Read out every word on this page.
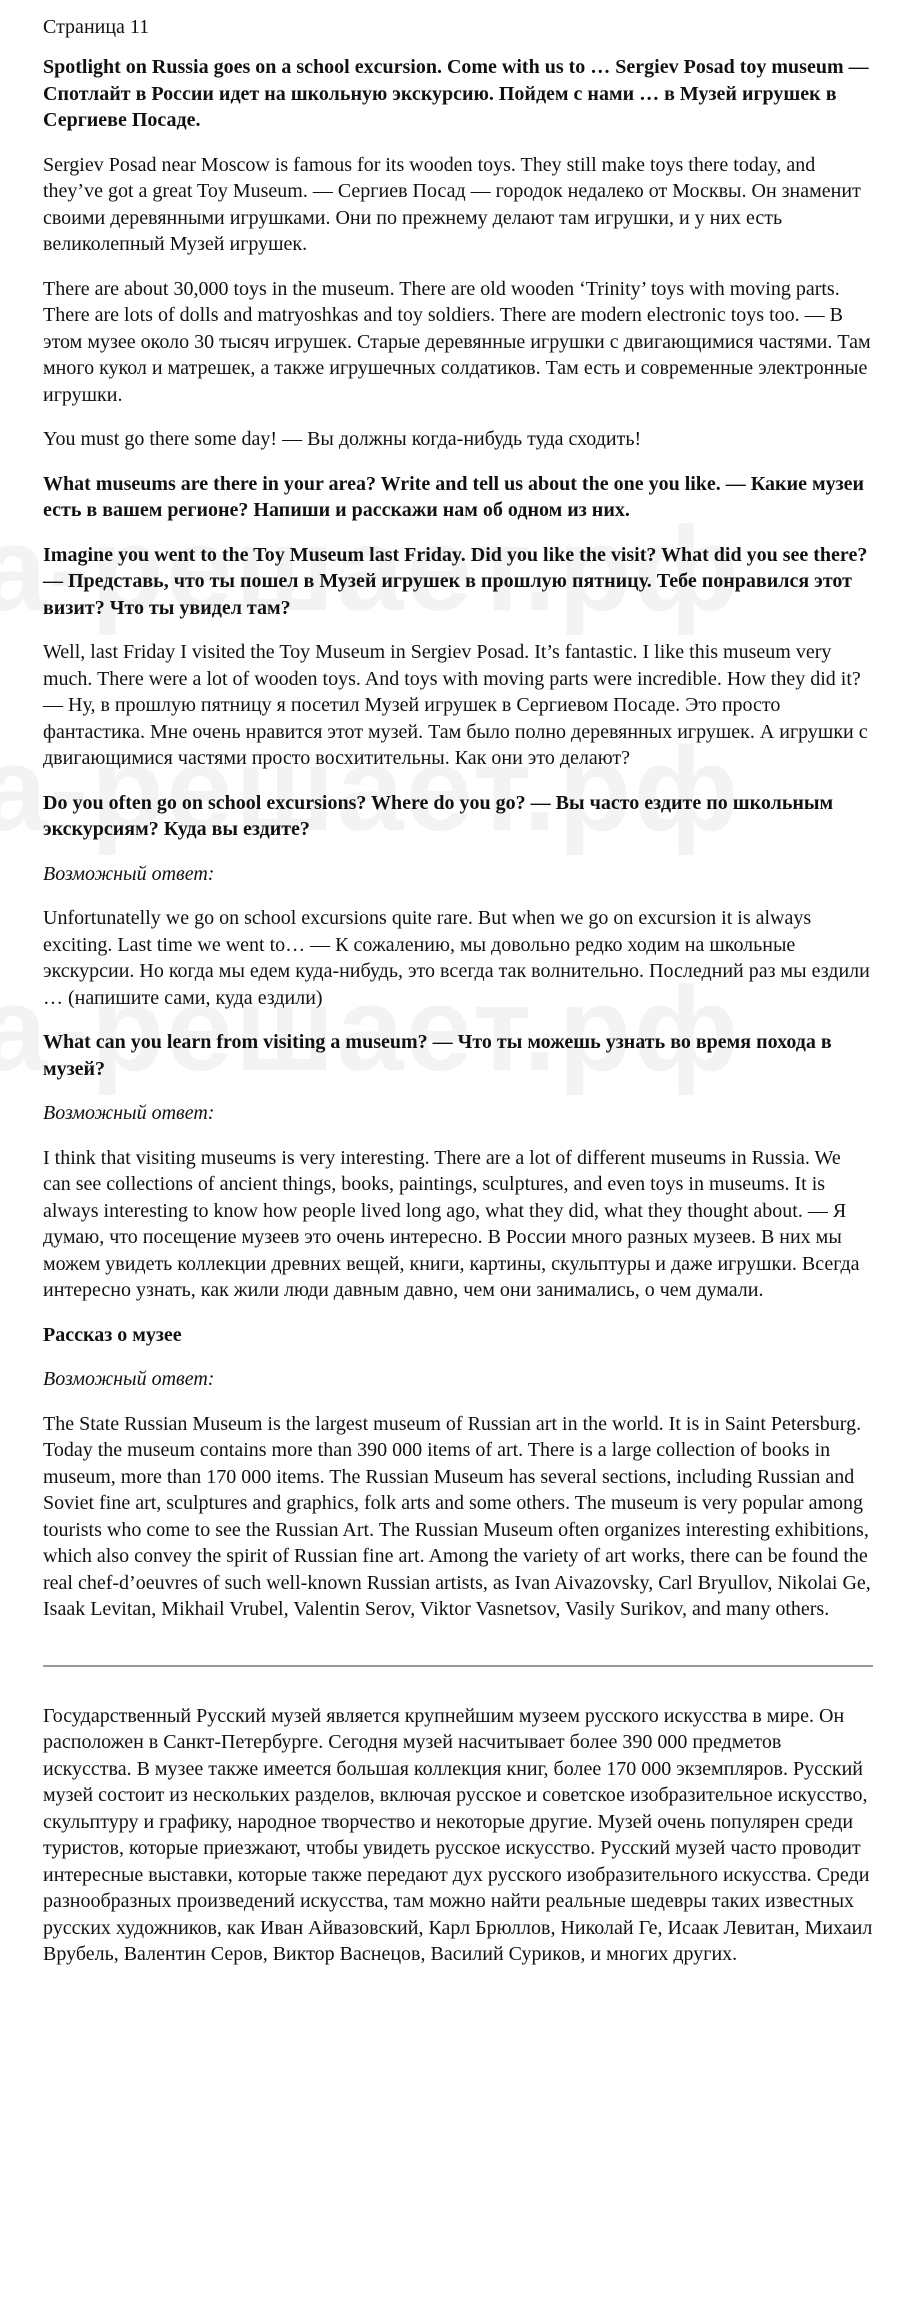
Страница 11

Spotlight on Russia goes on a school excursion. Come with us to … Sergiev Posad toy museum — Спотлайт в России идет на школьную экскурсию. Пойдем с нами … в Музей игрушек в Сергиеве Посаде.

Sergiev Posad near Moscow is famous for its wooden toys. They still make toys there today, and they’ve got a great Toy Museum. — Сергиев Посад — городок недалеко от Москвы. Он знаменит своими деревянными игрушками. Они по прежнему делают там игрушки, и у них есть великолепный Музей игрушек.

There are about 30,000 toys in the museum. There are old wooden ‘Trinity’ toys with moving parts. There are lots of dolls and matryoshkas and toy soldiers. There are modern electronic toys too. — В этом музее около 30 тысяч игрушек. Старые деревянные игрушки с двигающимися частями. Там много кукол и матрешек, а также игрушечных солдатиков. Там есть и современные электронные игрушки.

You must go there some day! — Вы должны когда-нибудь туда сходить!

What museums are there in your area? Write and tell us about the one you like. — Какие музеи есть в вашем регионе? Напиши и расскажи нам об одном из них.

Imagine you went to the Toy Museum last Friday. Did you like the visit? What did you see there? — Представь, что ты пошел в Музей игрушек в прошлую пятницу. Тебе понравился этот визит? Что ты увидел там?

Well, last Friday I visited the Toy Museum in Sergiev Posad. It’s fantastic. I like this museum very much. There were a lot of wooden toys. And toys with moving parts were incredible. How they did it? — Ну, в прошлую пятницу я посетил Музей игрушек в Сергиевом Посаде. Это просто фантастика. Мне очень нравится этот музей. Там было полно деревянных игрушек. А игрушки с двигающимися частями просто восхитительны. Как они это делают?

Do you often go on school excursions? Where do you go? — Вы часто ездите по школьным экскурсиям? Куда вы ездите?

Возможный ответ:

Unfortunatelly we go on school excursions quite rare. But when we go on excursion it is always exciting. Last time we went to… — К сожалению, мы довольно редко ходим на школьные экскурсии. Но когда мы едем куда-нибудь, это всегда так волнительно. Последний раз мы ездили … (напишите сами, куда ездили)

What can you learn from visiting a museum? — Что ты можешь узнать во время похода в музей?

Возможный ответ:

I think that visiting museums is very interesting. There are a lot of different museums in Russia. We can see collections of ancient things, books, paintings, sculptures, and even toys in museums. It is always interesting to know how people lived long ago, what they did, what they thought about. — Я думаю, что посещение музеев это очень интересно. В России много разных музеев. В них мы можем увидеть коллекции древних вещей, книги, картины, скульптуры и даже игрушки. Всегда интересно узнать, как жили люди давным давно, чем они занимались, о чем думали.

Рассказ о музее

Возможный ответ:

The State Russian Museum is the largest museum of Russian art in the world. It is in Saint Petersburg. Today the museum contains more than 390 000 items of art. There is a large collection of books in museum, more than 170 000 items. The Russian Museum has several sections, including Russian and Soviet fine art, sculptures and graphics, folk arts and some others. The museum is very popular among tourists who come to see the Russian Art. The Russian Museum often organizes interesting exhibitions, which also convey the spirit of Russian fine art. Among the variety of art works, there can be found the real chef-d’oeuvres of such well-known Russian artists, as Ivan Aivazovsky, Carl Bryullov, Nikolai Ge, Isaak Levitan, Mikhail Vrubel, Valentin Serov, Viktor Vasnetsov, Vasily Surikov, and many others.

Государственный Русский музей является крупнейшим музеем русского искусства в мире. Он расположен в Санкт-Петербурге. Сегодня музей насчитывает более 390 000 предметов искусства. В музее также имеется большая коллекция книг, более 170 000 экземпляров. Русский музей состоит из нескольких разделов, включая русское и советское изобразительное искусство, скульптуру и графику, народное творчество и некоторые другие. Музей очень популярен среди туристов, которые приезжают, чтобы увидеть русское искусство. Русский музей часто проводит интересные выставки, которые также передают дух русского изобразительного искусства. Среди разнообразных произведений искусства, там можно найти реальные шедевры таких известных русских художников, как Иван Айвазовский, Карл Брюллов, Николай Ге, Исаак Левитан, Михаил Врубель, Валентин Серов, Виктор Васнецов, Василий Суриков, и многих других.
